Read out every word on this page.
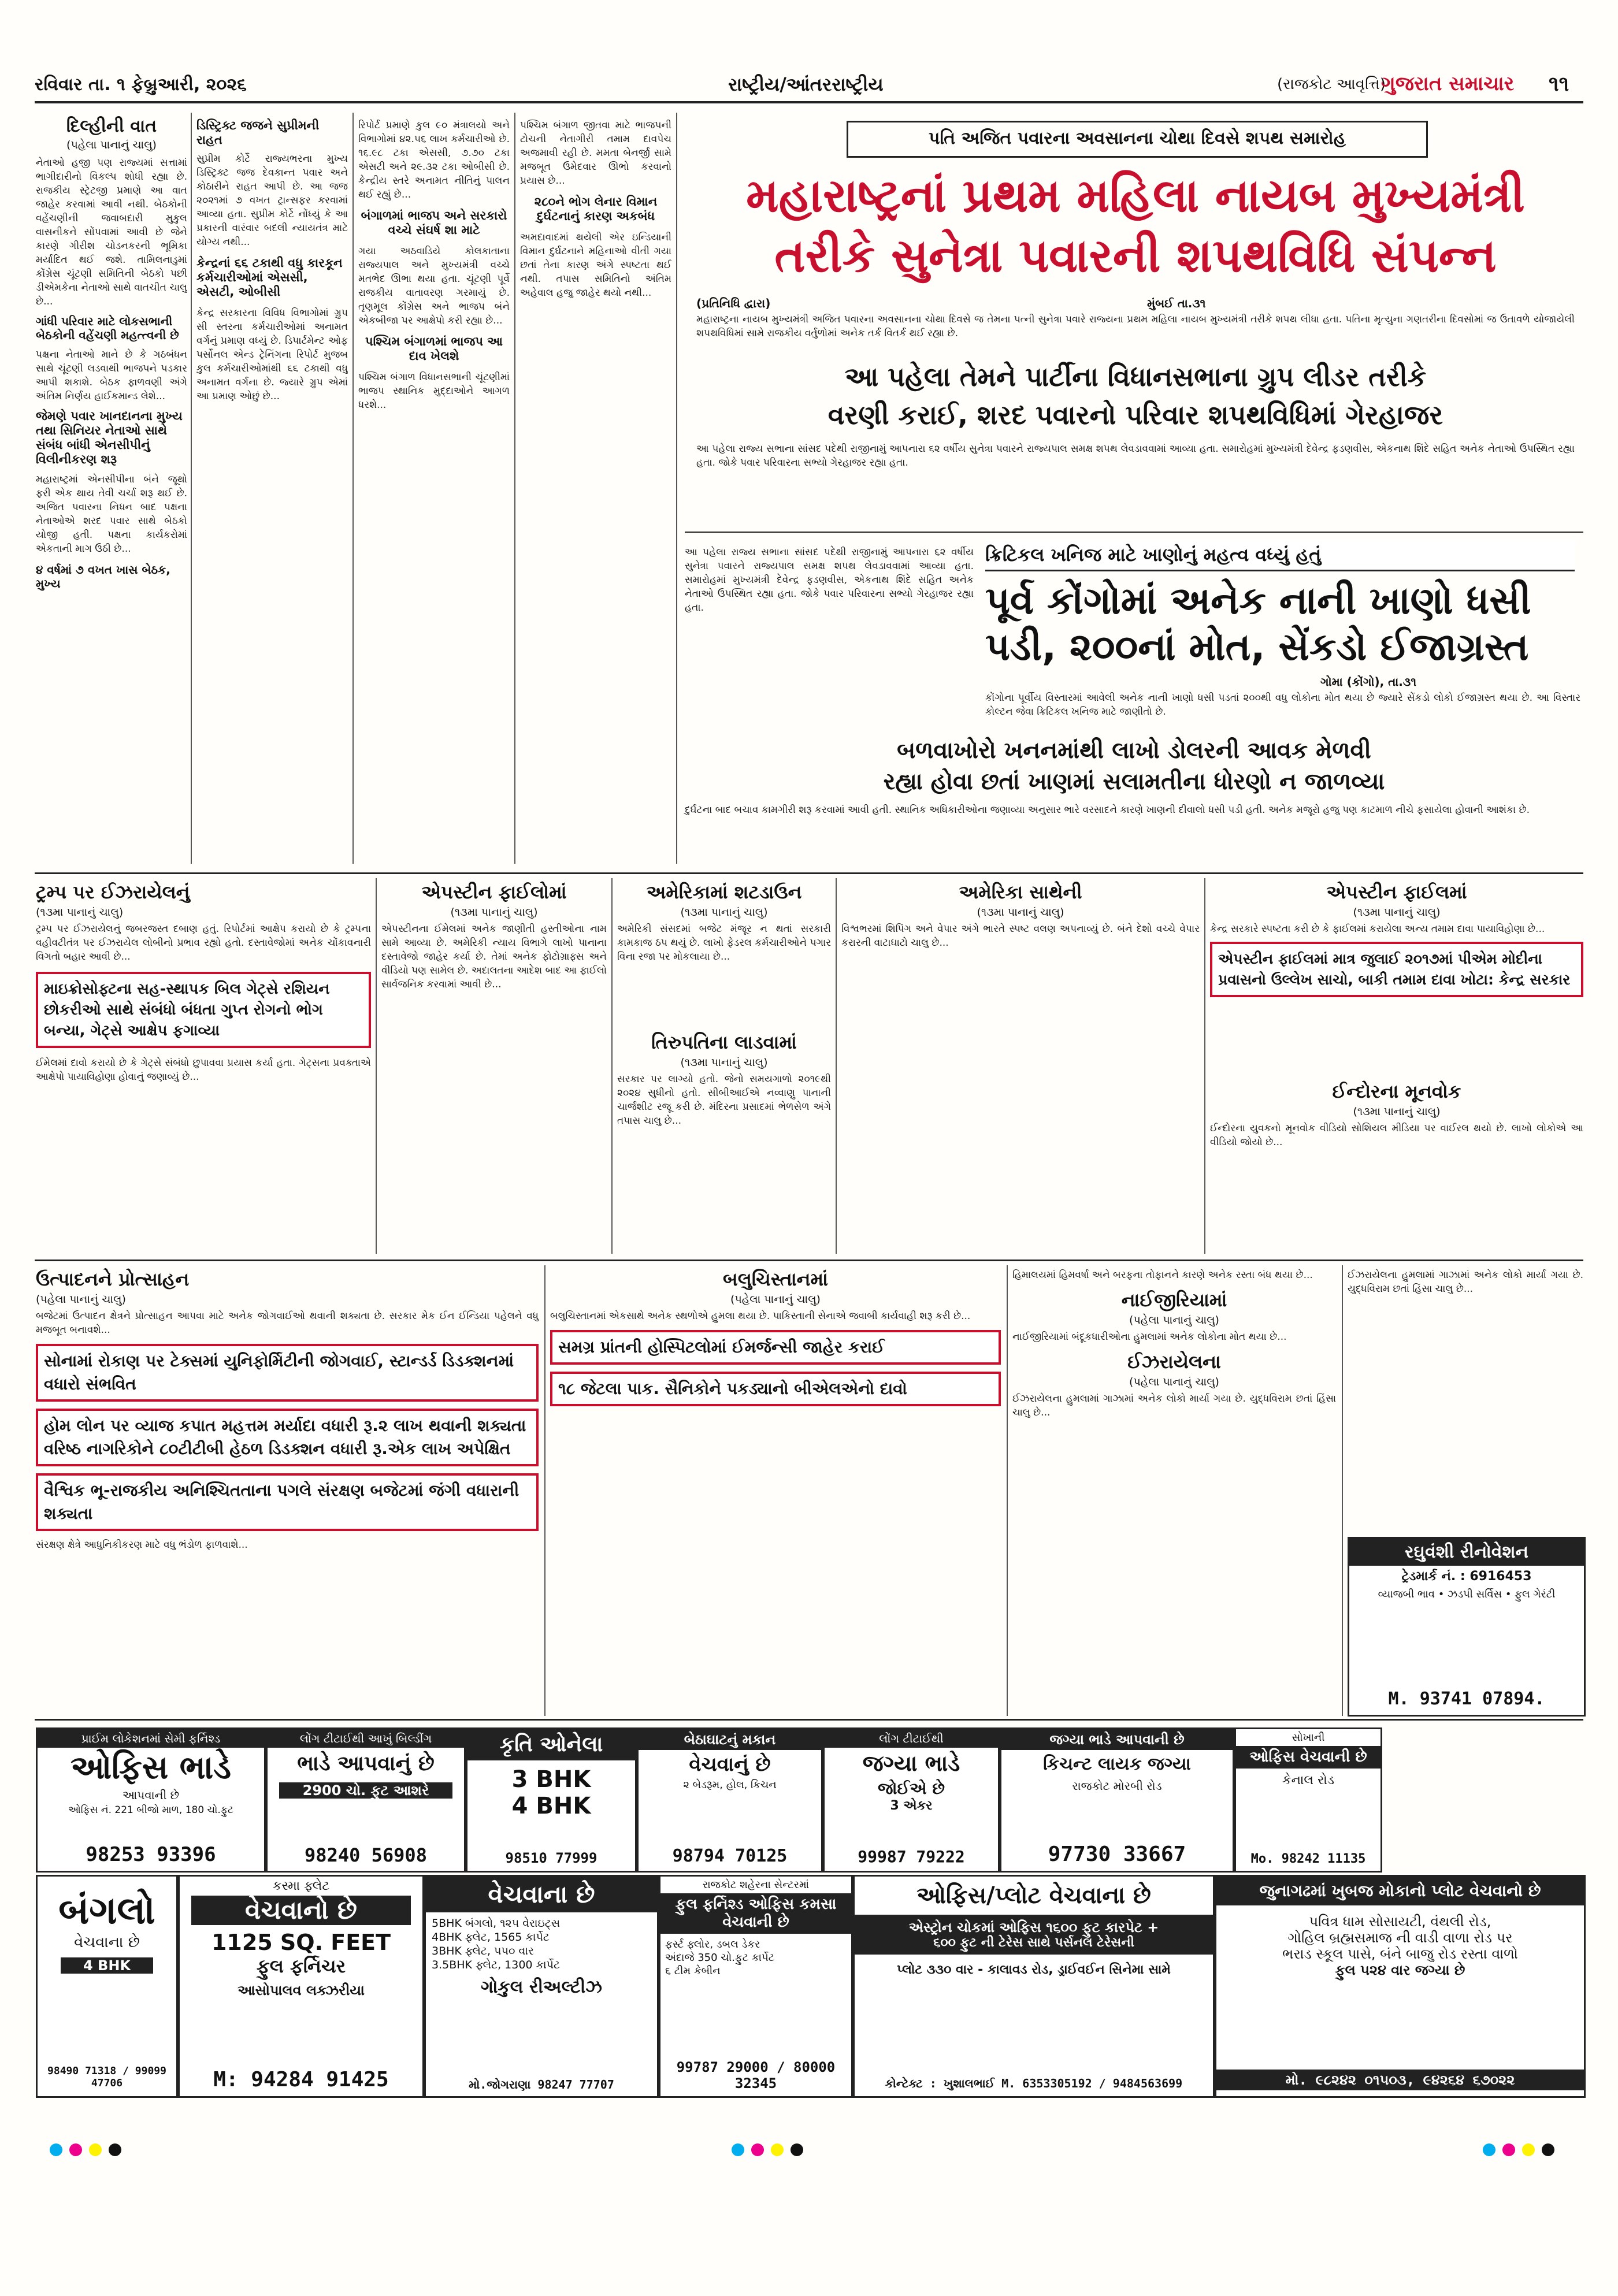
રવિવાર તા. ૧ ફેબ્રુઆરી, ૨૦૨૬	રાષ્ટ્રીય/આંતરરાષ્ટ્રીય	(રાજકોટ આવૃત્તિ)
ગુજરાત સમાચાર ૧૧
દિલ્હીની વાત
(પહેલા પાનાનું ચાલુ)
નેતાઓ હજી પણ રાજ્યમાં સત્તામાં ભાગીદારીનો વિકલ્પ શોધી રહ્યા છે. રાજકીય સ્ટ્રેટજી પ્રમાણે આ વાત જાહેર કરવામાં આવી નથી. બેઠકોની વહેંચણીની જવાબદારી મુકુલ વાસનીકને સોંપવામાં આવી છે જેને કારણે ગીરીશ ચોડનકરની ભૂમિકા મર્યાદિત થઈ જશે. તામિલનાડુમાં કોંગ્રેસ ચૂંટણી સમિતિની બેઠકો પછી ડીએમકેના નેતાઓ સાથે વાતચીત ચાલુ છે...
ગાંધી પરિવાર માટે લોકસભાની બેઠકોની વહેંચણી મહત્ત્વની છે
પક્ષના નેતાઓ માને છે કે ગઠબંધન સાથે ચૂંટણી લડવાથી ભાજપને પડકાર આપી શકાશે. બેઠક ફાળવણી અંગે અંતિમ નિર્ણય હાઈકમાન્ડ લેશે...
જેમણે પવાર ખાનદાનના મુખ્ય તથા સિનિયર નેતાઓ સાથે સંબંધ બાંધી એનસીપીનું વિલીનીકરણ શરૂ
મહારાષ્ટ્રમાં એનસીપીના બંને જૂથો ફરી એક થાય તેવી ચર્ચા શરૂ થઈ છે. અજિત પવારના નિધન બાદ પક્ષના નેતાઓએ શરદ પવાર સાથે બેઠકો યોજી હતી. પક્ષના કાર્યકરોમાં એકતાની માગ ઉઠી છે...
૪ વર્ષમાં ૭ વખત ખાસ બેઠક, મુખ્ય
ડિસ્ટ્રિક્ટ જજને સુપ્રીમની રાહત
સુપ્રીમ કોર્ટે રાજ્યભરના મુખ્ય ડિસ્ટ્રિક્ટ જજ દેવકાન્ત પવાર અને કોઠારીને રાહત આપી છે. આ જજ ૨૦૨૧માં ૭ વખત ટ્રાન્સફર કરવામાં આવ્યા હતા. સુપ્રીમ કોર્ટે નોંધ્યું કે આ પ્રકારની વારંવાર બદલી ન્યાયતંત્ર માટે યોગ્ય નથી...
કેન્દ્રનાં ૬૬ ટકાથી વધુ કારકૂન કર્મચારીઓમાં એસસી, એસટી, ઓબીસી
કેન્દ્ર સરકારના વિવિધ વિભાગોમાં ગ્રુપ સી સ્તરના કર્મચારીઓમાં અનામત વર્ગનું પ્રમાણ વધ્યું છે. ડિપાર્ટમેન્ટ ઓફ પર્સોનલ એન્ડ ટ્રેનિંગના રિપોર્ટ મુજબ કુલ કર્મચારીઓમાંથી ૬૬ ટકાથી વધુ અનામત વર્ગના છે. જ્યારે ગ્રુપ એમાં આ પ્રમાણ ઓછું છે...
રિપોર્ટ પ્રમાણે કુલ ૯૦ મંત્રાલયો અને વિભાગોમાં ૪૨.૫૬ લાખ કર્મચારીઓ છે. ૧૬.૯૮ ટકા એસસી, ૭.૭૦ ટકા એસટી અને ૨૯.૩૨ ટકા ઓબીસી છે. કેન્દ્રીય સ્તરે અનામત નીતિનું પાલન થઈ રહ્યું છે...
બંગાળમાં ભાજપ અને સરકારો વચ્ચે સંઘર્ષ શા માટે
ગયા અઠવાડિયે કોલકાતાના રાજ્યપાલ અને મુખ્યમંત્રી વચ્ચે મતભેદ ઊભા થયા હતા. ચૂંટણી પૂર્વે રાજકીય વાતાવરણ ગરમાયું છે. તૃણમૂલ કોંગ્રેસ અને ભાજપ બંને એકબીજા પર આક્ષેપો કરી રહ્યા છે...
પશ્ચિમ બંગાળમાં ભાજપ આ દાવ ખેલશે
પશ્ચિમ બંગાળ વિધાનસભાની ચૂંટણીમાં ભાજપ સ્થાનિક મુદ્દાઓને આગળ ધરશે...
પશ્ચિમ બંગાળ જીતવા માટે ભાજપની ટોચની નેતાગીરી તમામ દાવપેચ અજમાવી રહી છે. મમતા બેનર્જી સામે મજબૂત ઉમેદવાર ઊભો કરવાનો પ્રયાસ છે...
૨૮૦ને ભોગ લેનાર વિમાન દુર્ઘટનાનું કારણ અકબંધ
અમદાવાદમાં થયેલી એર ઇન્ડિયાની વિમાન દુર્ઘટનાને મહિનાઓ વીતી ગયા છતાં તેના કારણ અંગે સ્પષ્ટતા થઈ નથી. તપાસ સમિતિનો અંતિમ અહેવાલ હજુ જાહેર થયો નથી...
પતિ અજિત પવારના અવસાનના ચોથા દિવસે શપથ સમારોહ
મહારાષ્ટ્રનાં પ્રથમ મહિલા નાયબ મુખ્યમંત્રી
તરીકે સુનેત્રા પવારની શપથવિધિ સંપન્ન
(પ્રતિનિધિ દ્વારા)	મુંબઈ તા.૩૧
મહારાષ્ટ્રના નાયબ મુખ્યમંત્રી અજિત પવારના અવસાનના ચોથા દિવસે જ તેમના પત્ની સુનેત્રા પવારે રાજ્યના પ્રથમ મહિલા નાયબ મુખ્યમંત્રી તરીકે શપથ લીધા હતા. પતિના મૃત્યુના ગણતરીના દિવસોમાં જ ઉતાવળે યોજાયેલી શપથવિધિમાં સામે રાજકીય વર્તુળોમાં અનેક તર્ક વિતર્ક થઈ રહ્યા છે.
આ પહેલા તેમને પાર્ટીના વિધાનસભાના ગ્રુપ લીડર તરીકે
વરણી કરાઈ, શરદ પવારનો પરિવાર શપથવિધિમાં ગેરહાજર
આ પહેલા રાજ્ય સભાના સાંસદ પદેથી રાજીનામું આપનારા ૬૨ વર્ષીય સુનેત્રા પવારને રાજ્યપાલ સમક્ષ શપથ લેવડાવવામાં આવ્યા હતા. સમારોહમાં મુખ્યમંત્રી દેવેન્દ્ર ફડણવીસ, એકનાથ શિંદે સહિત અનેક નેતાઓ ઉપસ્થિત રહ્યા હતા. જોકે પવાર પરિવારના સભ્યો ગેરહાજર રહ્યા હતા.
ક્રિટિકલ ખનિજ માટે ખાણોનું મહત્વ વધ્યું હતું
પૂર્વ કોંગોમાં અનેક નાની ખાણો ધસી
પડી, ૨૦૦નાં મોત, સેંકડો ઈજાગ્રસ્ત
આ પહેલા રાજ્ય સભાના સાંસદ પદેથી રાજીનામું આપનારા ૬૨ વર્ષીય સુનેત્રા પવારને રાજ્યપાલ સમક્ષ શપથ લેવડાવવામાં આવ્યા હતા. સમારોહમાં મુખ્યમંત્રી દેવેન્દ્ર ફડણવીસ, એકનાથ શિંદે સહિત અનેક નેતાઓ ઉપસ્થિત રહ્યા હતા. જોકે પવાર પરિવારના સભ્યો ગેરહાજર રહ્યા હતા.
ગોમા (કોંગો), તા.૩૧
કોંગોના પૂર્વીય વિસ્તારમાં આવેલી અનેક નાની ખાણો ધસી પડતાં ૨૦૦થી વધુ લોકોના મોત થયા છે જ્યારે સેંકડો લોકો ઈજાગ્રસ્ત થયા છે. આ વિસ્તાર કોલ્ટન જેવા ક્રિટિકલ ખનિજ માટે જાણીતો છે.
બળવાખોરો ખનનમાંથી લાખો ડોલરની આવક મેળવી
રહ્યા હોવા છતાં ખાણમાં સલામતીના ધોરણો ન જાળવ્યા
દુર્ઘટના બાદ બચાવ કામગીરી શરૂ કરવામાં આવી હતી. સ્થાનિક અધિકારીઓના જણાવ્યા અનુસાર ભારે વરસાદને કારણે ખાણની દીવાલો ધસી પડી હતી. અનેક મજૂરો હજુ પણ કાટમાળ નીચે ફસાયેલા હોવાની આશંકા છે.
ટ્રમ્પ પર ઈઝરાયેલનું
(૧૩મા પાનાનું ચાલુ)
ટ્રમ્પ પર ઈઝરાયેલનું જબરજસ્ત દબાણ હતું. રિપોર્ટમાં આક્ષેપ કરાયો છે કે ટ્રમ્પના વહીવટીતંત્ર પર ઈઝરાયેલ લોબીનો પ્રભાવ રહ્યો હતો. દસ્તાવેજોમાં અનેક ચોંકાવનારી વિગતો બહાર આવી છે...
માઇક્રોસોફ્ટના સહ-સ્થાપક બિલ ગેટ્સે રશિયન છોકરીઓ સાથે સંબંધો બંધતા ગુપ્ત રોગનો ભોગ બન્યા, ગેટ્સે આક્ષેપ ફગાવ્યા
ઈમેલમાં દાવો કરાયો છે કે ગેટ્સે સંબંધો છુપાવવા પ્રયાસ કર્યા હતા. ગેટ્સના પ્રવક્તાએ આક્ષેપો પાયાવિહોણા હોવાનું જણાવ્યું છે...
એપસ્ટીન ફાઈલોમાં
(૧૩મા પાનાનું ચાલુ)
એપસ્ટીનના ઈમેલમાં અનેક જાણીતી હસ્તીઓના નામ સામે આવ્યા છે. અમેરિકી ન્યાય વિભાગે લાખો પાનાના દસ્તાવેજો જાહેર કર્યા છે. તેમાં અનેક ફોટોગ્રાફ્સ અને વીડિયો પણ સામેલ છે. અદાલતના આદેશ બાદ આ ફાઈલો સાર્વજનિક કરવામાં આવી છે...
અમેરિકામાં શટડાઉન
(૧૩મા પાનાનું ચાલુ)
અમેરિકી સંસદમાં બજેટ મંજૂર ન થતાં સરકારી કામકાજ ઠપ થયું છે. લાખો ફેડરલ કર્મચારીઓને પગાર વિના રજા પર મોકલાયા છે...
તિરુપતિના લાડવામાં
(૧૩મા પાનાનું ચાલુ)
સરકાર પર લાગ્યો હતો. જેનો સમયગાળો ૨૦૧૯થી ૨૦૨૪ સુધીનો હતો. સીબીઆઈએ નવ્વાણુ પાનાની ચાર્જશીટ રજૂ કરી છે. મંદિરના પ્રસાદમાં ભેળસેળ અંગે તપાસ ચાલુ છે...
અમેરિકા સાથેની
(૧૩મા પાનાનું ચાલુ)
વિશ્વભરમાં શિપિંગ અને વેપાર અંગે ભારતે સ્પષ્ટ વલણ અપનાવ્યું છે. બંને દેશો વચ્ચે વેપાર કરારની વાટાઘાટો ચાલુ છે...
એપસ્ટીન ફાઈલમાં
(૧૩મા પાનાનું ચાલુ)
કેન્દ્ર સરકારે સ્પષ્ટતા કરી છે કે ફાઈલમાં કરાયેલા અન્ય તમામ દાવા પાયાવિહોણા છે...
એપસ્ટીન ફાઈલમાં માત્ર જુલાઈ ૨૦૧૭માં પીએમ મોદીના પ્રવાસનો ઉલ્લેખ સાચો, બાકી તમામ દાવા ખોટા: કેન્દ્ર સરકાર
ઈન્દોરના મૂનવોક
(૧૩મા પાનાનું ચાલુ)
ઈન્દોરના યુવકનો મૂનવોક વીડિયો સોશિયલ મીડિયા પર વાઈરલ થયો છે. લાખો લોકોએ આ વીડિયો જોયો છે...
ઉત્પાદનને પ્રોત્સાહન
(પહેલા પાનાનું ચાલુ)
બજેટમાં ઉત્પાદન ક્ષેત્રને પ્રોત્સાહન આપવા માટે અનેક જોગવાઈઓ થવાની શક્યતા છે. સરકાર મેક ઈન ઈન્ડિયા પહેલને વધુ મજબૂત બનાવશે...
સોનામાં રોકાણ પર ટેક્સમાં યુનિફોર્મિટીની જોગવાઈ, સ્ટાન્ડર્ડ ડિડક્શનમાં વધારો સંભવિત
હોમ લોન પર વ્યાજ કપાત મહત્તમ મર્યાદા વધારી રૂ.૨ લાખ થવાની શક્યતા
વરિષ્ઠ નાગરિકોને ૮૦ટીટીબી હેઠળ ડિડક્શન વધારી રૂ.એક લાખ અપેક્ષિત
વૈશ્વિક ભૂ-રાજકીય અનિશ્ચિતતાના પગલે સંરક્ષણ બજેટમાં જંગી વધારાની શક્યતા
સંરક્ષણ ક્ષેત્રે આધુનિકીકરણ માટે વધુ ભંડોળ ફાળવાશે...
બલુચિસ્તાનમાં
(પહેલા પાનાનું ચાલુ)
બલુચિસ્તાનમાં એકસાથે અનેક સ્થળોએ હુમલા થયા છે. પાકિસ્તાની સેનાએ જવાબી કાર્યવાહી શરૂ કરી છે...
સમગ્ર પ્રાંતની હોસ્પિટલોમાં ઈમર્જન્સી જાહેર કરાઈ
૧૮ જેટલા પાક. સૈનિકોને પકડ્યાનો બીએલએનો દાવો
હિમાલયમાં હિમવર્ષા અને બરફના તોફાનને કારણે અનેક રસ્તા બંધ થયા છે...
નાઈજીરિયામાં
(પહેલા પાનાનું ચાલુ)
નાઈજીરિયામાં બંદૂકધારીઓના હુમલામાં અનેક લોકોના મોત થયા છે...
ઈઝરાયેલના
(પહેલા પાનાનું ચાલુ)
ઈઝરાયેલના હુમલામાં ગાઝામાં અનેક લોકો માર્યા ગયા છે. યુદ્ધવિરામ છતાં હિંસા ચાલુ છે...
ઈઝરાયેલના હુમલામાં ગાઝામાં અનેક લોકો માર્યા ગયા છે. યુદ્ધવિરામ છતાં હિંસા ચાલુ છે...
રઘુવંશી રીનોવેશન
ટ્રેડમાર્ક નં. : 6916453
વ્યાજબી ભાવ • ઝડપી સર્વિસ • ફુલ ગેરંટી
M. 93741 07894.
પ્રાઈમ લોકેશનમાં સેમી ફર્નિશ્ડ
ઓફિસ ભાડે
આપવાની છે
ઓફિસ નં. 221 બીજો માળ, 180 ચો.ફુટ
98253 93396
લોંગ ટીટાઈથી આખું બિલ્ડીંગ
ભાડે આપવાનું છે
2900 ચો. ફુટ આશરે
98240 56908
કૃતિ ઓનેલા
3 BHK
4 BHK
98510 77999
બેઠાઘાટનું મકાન
વેચવાનું છે
૨ બેડરૂમ, હોલ, કિચન
98794 70125
લોંગ ટીટાઈથી
જગ્યા ભાડે
જોઈએ છે
3 એકર
99987 79222
જગ્યા ભાડે આપવાની છે
કિચન્ટ લાયક જગ્યા
રાજકોટ મોરબી રોડ
97730 33667
સોખાની
ઓફિસ વેચવાની છે
કેનાલ રોડ
Mo. 98242 11135
બંગલો
વેચવાના છે
4 BHK
98490 71318 / 99099 47706
કસ્મા ફ્લેટ
વેચવાનો છે
1125 SQ. FEET
ફુલ ફર્નિચર
આસોપાલવ લક્ઝરીયા
M: 94284 91425
વેચવાના છે
5BHK બંગલો, ૧૨૫ વેરાઇટ્સ
4BHK ફ્લેટ, 1565 કાર્પેટ
3BHK ફ્લેટ, ૫૫૦ વાર
3.5BHK ફ્લેટ, 1300 કાર્પેટ
ગોકુલ રીઅલ્ટીઝ
મો.જોગરાણા 98247 77707
રાજકોટ શહેરના સેન્ટરમાં
ફુલ ફર્નિશ્ડ ઓફિસ કમસા વેચવાની છે
ફર્સ્ટ ફ્લોર, ડબલ ડેકર
અંદાજે 350 ચો.ફુટ કાર્પેટ
૬ ટીમ કેબીન
99787 29000 / 80000 32345
ઓફિસ/પ્લોટ વેચવાના છે
એસ્ટ્રોન ચોકમાં ઓફિસ ૧૬૦૦ ફુટ કારપેટ +
૬૦૦ ફુટ ની ટેરેસ સાથે પર્સનલ ટેરેસની
પ્લોટ ૩૩૦ વાર - કાલાવડ રોડ, ડ્રાઈવઈન સિનેમા સામે
કોન્ટેક્ટ : ખુશાલભાઈ M. 6353305192 / 9484563699
જુનાગઢમાં ખુબજ મોકાનો પ્લોટ વેચવાનો છે
પવિત્ર ધામ સોસાયટી, વંથલી રોડ,
ગોહિલ બ્રહ્મસમાજ ની વાડી વાળા રોડ પર
ભરાડ સ્કૂલ પાસે, બંને બાજુ રોડ રસ્તા વાળો
ફુલ ૫૨૪ વાર જગ્યા છે
મો. ૯૮૨૪૨ ૦૧૫૦૩, ૯૪૨૬૪ ૬૭૦૨૨
